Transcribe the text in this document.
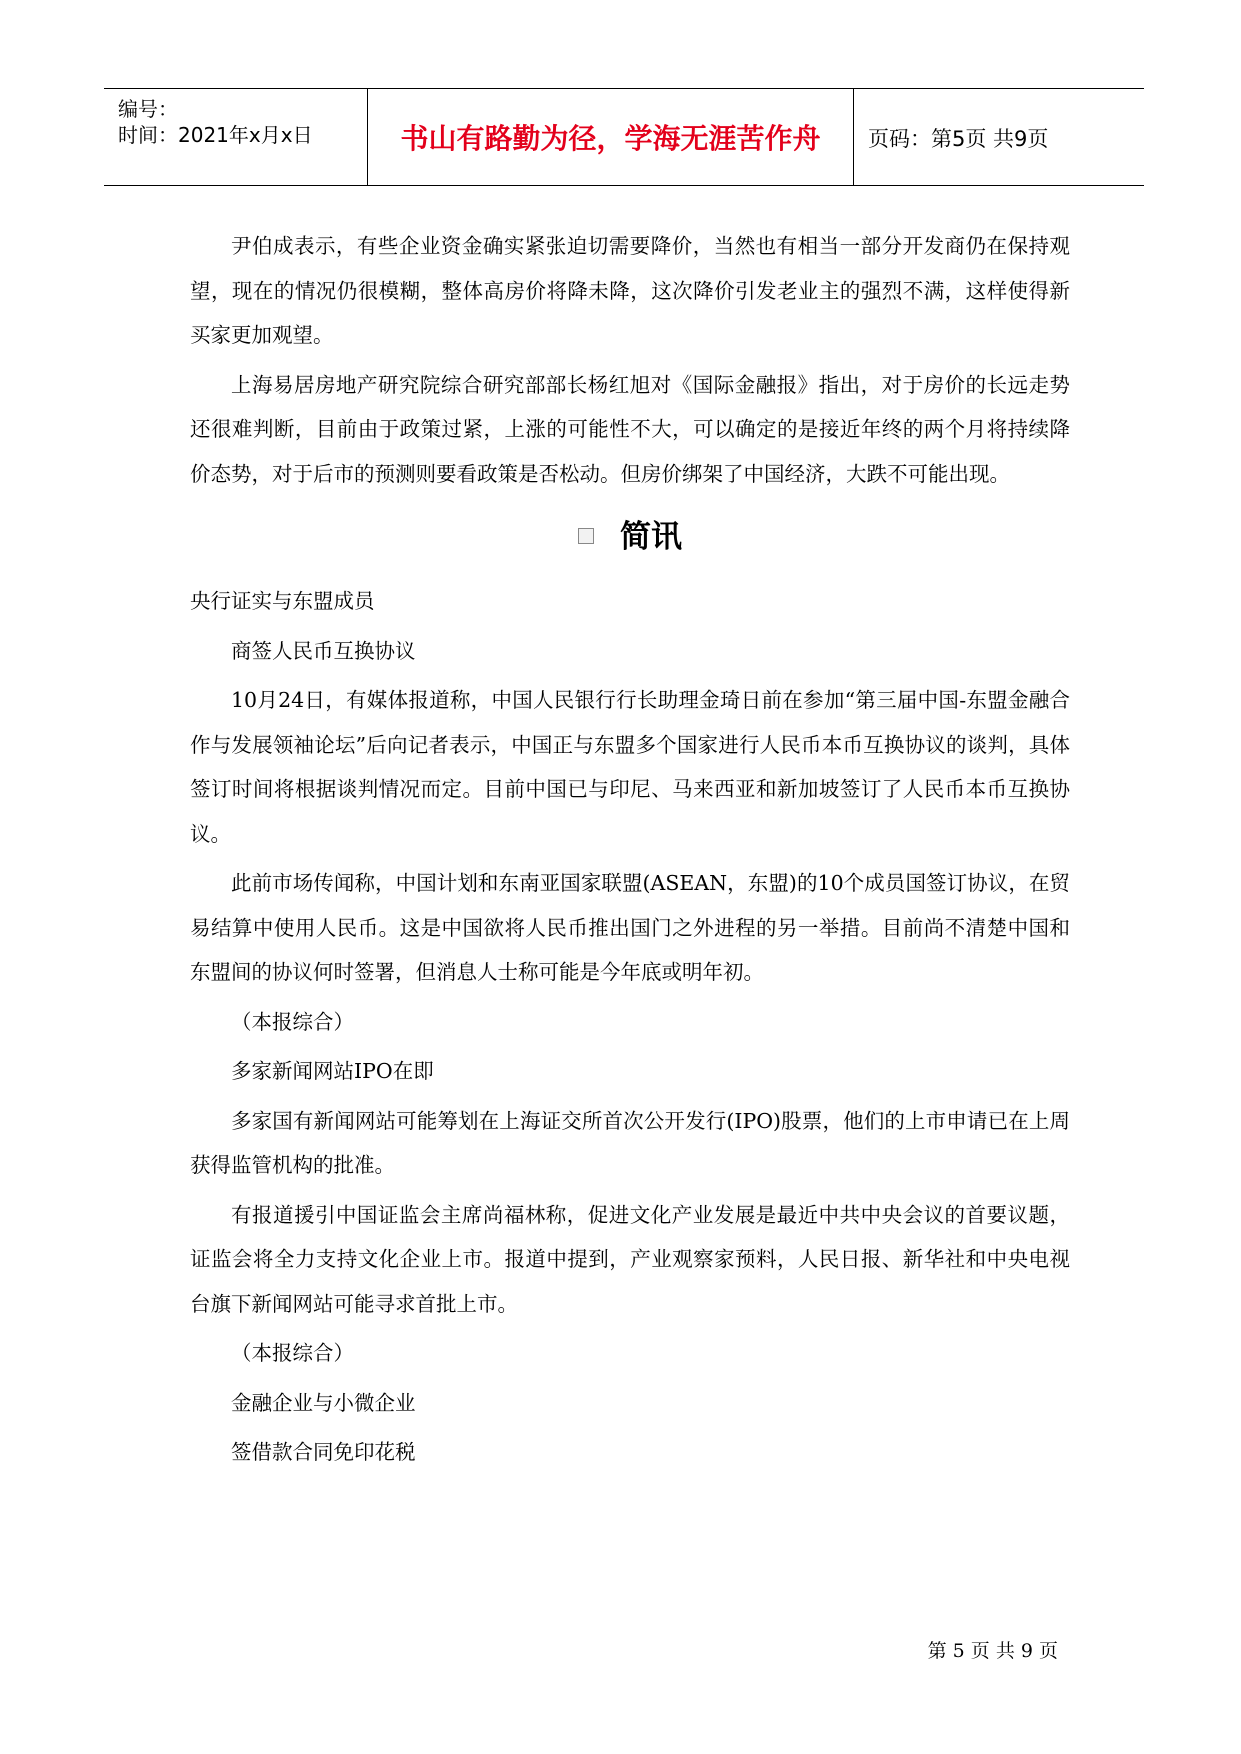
编号：
时间：2021年x月x日	书山有路勤为径，学海无涯苦作舟	页码：第5页 共9页

尹伯成表示，有些企业资金确实紧张迫切需要降价，当然也有相当一部分开发商仍在保持观望，现在的情况仍很模糊，整体高房价将降未降，这次降价引发老业主的强烈不满，这样使得新买家更加观望。

上海易居房地产研究院综合研究部部长杨红旭对《国际金融报》指出，对于房价的长远走势还很难判断，目前由于政策过紧，上涨的可能性不大，可以确定的是接近年终的两个月将持续降价态势，对于后市的预测则要看政策是否松动。但房价绑架了中国经济，大跌不可能出现。

简讯

央行证实与东盟成员

商签人民币互换协议

10月24日，有媒体报道称，中国人民银行行长助理金琦日前在参加“第三届中国-东盟金融合作与发展领袖论坛”后向记者表示，中国正与东盟多个国家进行人民币本币互换协议的谈判，具体签订时间将根据谈判情况而定。目前中国已与印尼、马来西亚和新加坡签订了人民币本币互换协议。

此前市场传闻称，中国计划和东南亚国家联盟(ASEAN，东盟)的10个成员国签订协议，在贸易结算中使用人民币。这是中国欲将人民币推出国门之外进程的另一举措。目前尚不清楚中国和东盟间的协议何时签署，但消息人士称可能是今年底或明年初。

（本报综合）

多家新闻网站IPO在即

多家国有新闻网站可能筹划在上海证交所首次公开发行(IPO)股票，他们的上市申请已在上周获得监管机构的批准。

有报道援引中国证监会主席尚福林称，促进文化产业发展是最近中共中央会议的首要议题，证监会将全力支持文化企业上市。报道中提到，产业观察家预料，人民日报、新华社和中央电视台旗下新闻网站可能寻求首批上市。

（本报综合）

金融企业与小微企业

签借款合同免印花税

第 5 页 共 9 页
